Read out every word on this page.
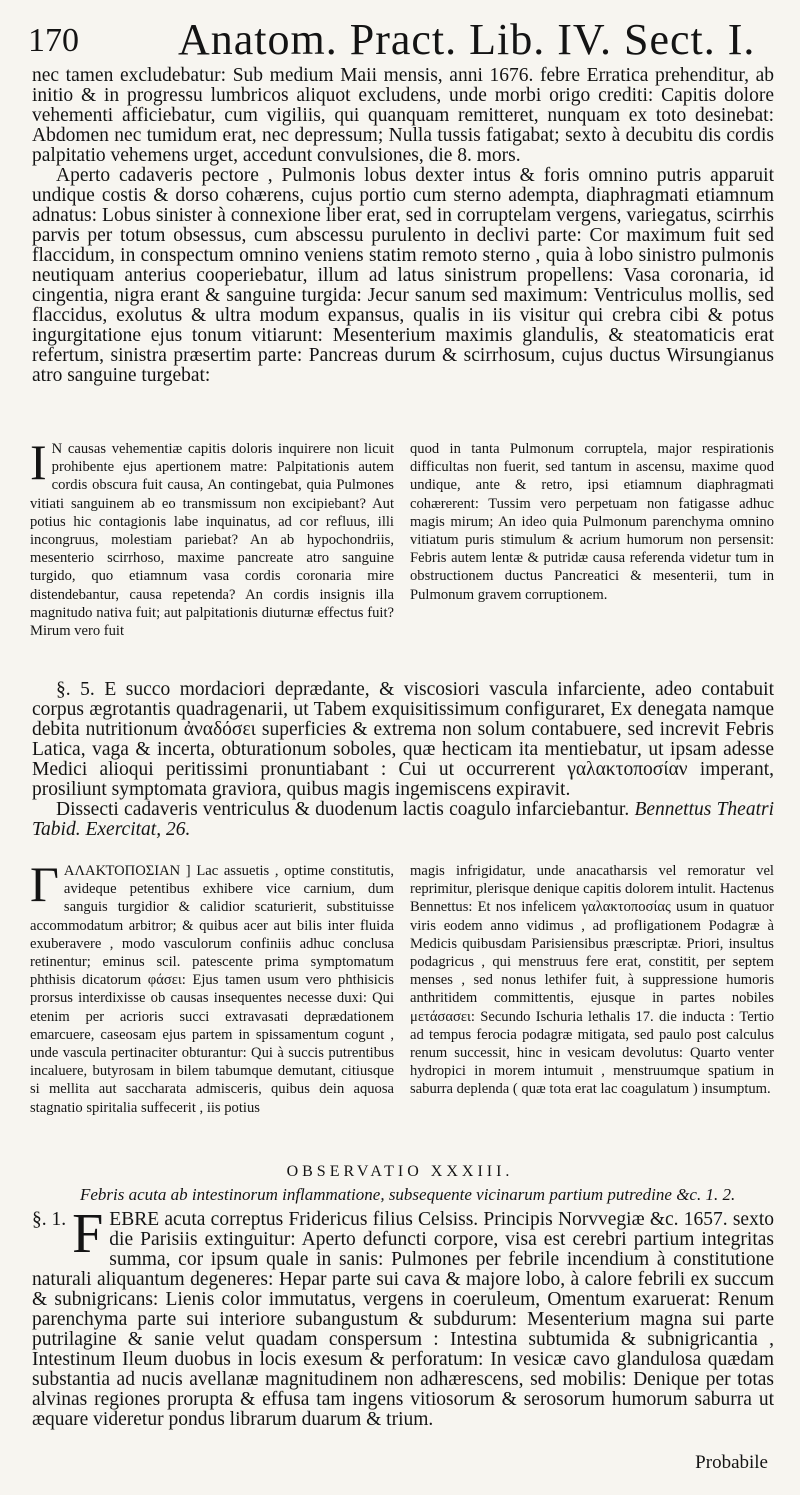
170 Anatom. Pract. Lib. IV. Sect. I.

nec tamen excludebatur: Sub medium Maii mensis, anni 1676. febre Erratica prehenditur, ab initio & in progressu lumbricos aliquot excludens, unde morbi origo crediti: Capitis dolore vehementi afficiebatur, cum vigiliis, qui quanquam remitteret, nunquam ex toto desinebat: Abdomen nec tumidum erat, nec depressum; Nulla tussis fatigabat; sexto à decubitu dis cordis palpitatio vehemens urget, accedunt convulsiones, die 8. mors.

Aperto cadaveris pectore , Pulmonis lobus dexter intus & foris omnino putris apparuit undique costis & dorso cohærens, cujus portio cum sterno adempta, diaphragmati etiamnum adnatus: Lobus sinister à connexione liber erat, sed in corruptelam vergens, variegatus, scirrhis parvis per totum obsessus, cum abscessu purulento in declivi parte: Cor maximum fuit sed flaccidum, in conspectum omnino veniens statim remoto sterno , quia à lobo sinistro pulmonis neutiquam anterius cooperiebatur, illum ad latus sinistrum propellens: Vasa coronaria, id cingentia, nigra erant & sanguine turgida: Jecur sanum sed maximum: Ventriculus mollis, sed flaccidus, exolutus & ultra modum expansus, qualis in iis visitur qui crebra cibi & potus ingurgitatione ejus tonum vitiarunt: Mesenterium maximis glandulis, & steatomaticis erat refertum, sinistra præsertim parte: Pancreas durum & scirrhosum, cujus ductus Wirsungianus atro sanguine turgebat:

I N causas vehementiæ capitis doloris inquirere non licuit prohibente ejus apertionem matre: Palpitationis autem cordis obscura fuit causa, An contingebat, quia Pulmones vitiati sanguinem ab eo transmissum non excipiebant? Aut potius hic contagionis labe inquinatus, ad cor refluus, illi incongruus, molestiam pariebat? An ab hypochondriis, mesenterio scirrhoso, maxime pancreate atro sanguine turgido, quo etiamnum vasa cordis coronaria mire distendebantur, causa repetenda? An cordis insignis illa magnitudo nativa fuit; aut palpitationis diuturnæ effectus fuit? Mirum vero fuit

quod in tanta Pulmonum corruptela, major respirationis difficultas non fuerit, sed tantum in ascensu, maxime quod undique, ante & retro, ipsi etiamnum diaphragmati cohærerent: Tussim vero perpetuam non fatigasse adhuc magis mirum; An ideo quia Pulmonum parenchyma omnino vitiatum puris stimulum & acrium humorum non persensit: Febris autem lentæ & putridæ causa referenda videtur tum in obstructionem ductus Pancreatici & mesenterii, tum in Pulmonum gravem corruptionem.

§. 5. E succo mordaciori deprædante, & viscosiori vascula infarciente, adeo contabuit corpus ægrotantis quadragenarii, ut Tabem exquisitissimum configuraret, Ex denegata namque debita nutritionum ἀναδόσει superficies & extrema non solum contabuere, sed increvit Febris Latica, vaga & incerta, obturationum soboles, quæ hecticam ita mentiebatur, ut ipsam adesse Medici alioqui peritissimi pronuntiabant : Cui ut occurrerent γαλακτοποσίαν imperant, prosiliunt symptomata graviora, quibus magis ingemiscens expiravit.

Dissecti cadaveris ventriculus & duodenum lactis coagulo infarciebantur. Bennettus Theatri Tabid. Exercitat, 26.

Γ ΑΛΑΚΤΟΠΟΣΙΑΝ ] Lac assuetis , optime constitutis, avideque petentibus exhibere vice carnium, dum sanguis turgidior & calidior scaturierit, substituisse accommodatum arbitror; & quibus acer aut bilis inter fluida exuberavere , modo vasculorum confiniis adhuc conclusa retinentur; eminus scil. patescente prima symptomatum phthisis dicatorum φάσει: Ejus tamen usum vero phthisicis prorsus interdixisse ob causas insequentes necesse duxi: Qui etenim per acrioris succi extravasati deprædationem emarcuere, caseosam ejus partem in spissamentum cogunt , unde vascula pertinaciter obturantur: Qui à succis putrentibus incaluere, butyrosam in bilem tabumque demutant, citiusque si mellita aut saccharata admisceris, quibus dein aquosa stagnatio spiritalia suffecerit , iis potius

magis infrigidatur, unde anacatharsis vel remoratur vel reprimitur, plerisque denique capitis dolorem intulit. Hactenus Bennettus: Et nos infelicem γαλακτοποσίας usum in quatuor viris eodem anno vidimus , ad profligationem Podagræ à Medicis quibusdam Parisiensibus præscriptæ. Priori, insultus podagricus , qui menstruus fere erat, constitit, per septem menses , sed nonus lethifer fuit, à suppressione humoris anthritidem committentis, ejusque in partes nobiles μετάσασει: Secundo Ischuria lethalis 17. die inducta : Tertio ad tempus ferocia podagræ mitigata, sed paulo post calculus renum successit, hinc in vesicam devolutus: Quarto venter hydropici in morem intumuit , menstruumque spatium in saburra deplenda ( quæ tota erat lac coagulatum ) insumptum.

OBSERVATIO XXXIII.
Febris acuta ab intestinorum inflammatione, subsequente vicinarum partium putredine &c. 1. 2.
§. 1. F EBRE acuta correptus Fridericus filius Celsiss. Principis Norvvegiæ &c. 1657. sexto die Parisiis extinguitur: Aperto defuncti corpore, visa est cerebri partium integritas summa, cor ipsum quale in sanis: Pulmones per febrile incendium à constitutione naturali aliquantum degeneres: Hepar parte sui cava & majore lobo, à calore febrili ex succum & subnigricans: Lienis color immutatus, vergens in coeruleum, Omentum exaruerat: Renum parenchyma parte sui interiore subangustum & subdurum: Mesenterium magna sui parte putrilagine & sanie velut quadam conspersum : Intestina subtumida & subnigricantia , Intestinum Ileum duobus in locis exesum & perforatum: In vesicæ cavo glandulosa quædam substantia ad nucis avellanæ magnitudinem non adhærescens, sed mobilis: Denique per totas alvinas regiones prorupta & effusa tam ingens vitiosorum & serosorum humorum saburra ut æquare videretur pondus librarum duarum & trium.

Probabile
